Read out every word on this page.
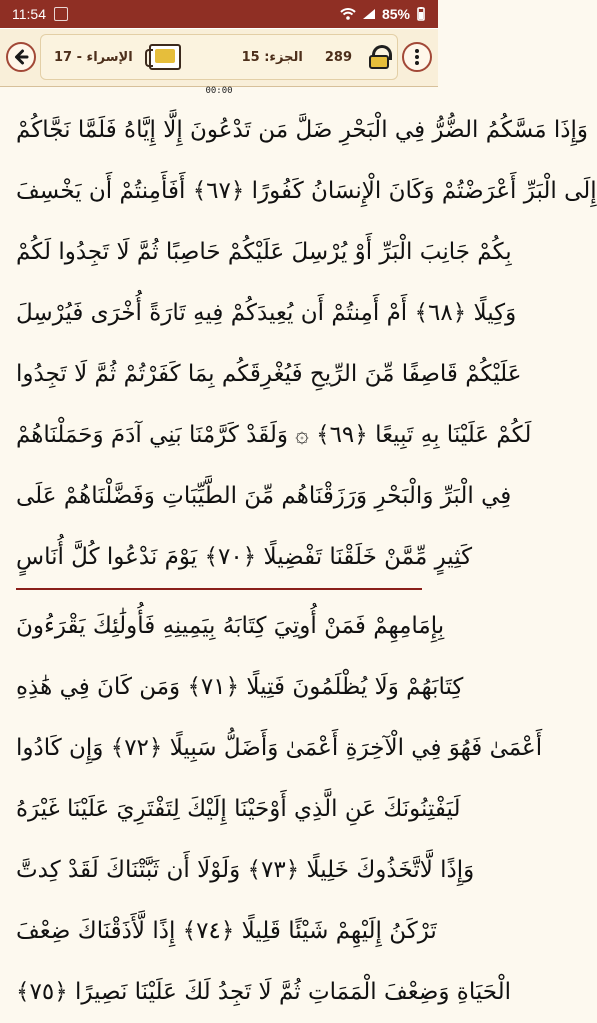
11:54	85%
17 - الإسراء	الجزء: 15	289
00:00
وَإِذَا مَسَّكُمُ الضُّرُّ فِي الْبَحْرِ ضَلَّ مَن تَدْعُونَ إِلَّا إِيَّاهُ فَلَمَّا نَجَّاكُمْ
إِلَى الْبَرِّ أَعْرَضْتُمْ وَكَانَ الْإِنسَانُ كَفُورًا ﴿٦٧﴾ أَفَأَمِنتُمْ أَن يَخْسِفَ
بِكُمْ جَانِبَ الْبَرِّ أَوْ يُرْسِلَ عَلَيْكُمْ حَاصِبًا ثُمَّ لَا تَجِدُوا لَكُمْ
وَكِيلًا ﴿٦٨﴾ أَمْ أَمِنتُمْ أَن يُعِيدَكُمْ فِيهِ تَارَةً أُخْرَى فَيُرْسِلَ
عَلَيْكُمْ قَاصِفًا مِّنَ الرِّيحِ فَيُغْرِقَكُم بِمَا كَفَرْتُمْ ثُمَّ لَا تَجِدُوا
لَكُمْ عَلَيْنَا بِهِ تَبِيعًا ﴿٦٩﴾ ۞ وَلَقَدْ كَرَّمْنَا بَنِي آدَمَ وَحَمَلْنَاهُمْ
فِي الْبَرِّ وَالْبَحْرِ وَرَزَقْنَاهُم مِّنَ الطَّيِّبَاتِ وَفَضَّلْنَاهُمْ عَلَى
كَثِيرٍ مِّمَّنْ خَلَقْنَا تَفْضِيلًا ﴿٧٠﴾ يَوْمَ نَدْعُوا كُلَّ أُنَاسٍ
بِإِمَامِهِمْ فَمَنْ أُوتِيَ كِتَابَهُ بِيَمِينِهِ فَأُولَٰئِكَ يَقْرَءُونَ
كِتَابَهُمْ وَلَا يُظْلَمُونَ فَتِيلًا ﴿٧١﴾ وَمَن كَانَ فِي هَٰذِهِ
أَعْمَىٰ فَهُوَ فِي الْآخِرَةِ أَعْمَىٰ وَأَضَلُّ سَبِيلًا ﴿٧٢﴾ وَإِن كَادُوا
لَيَفْتِنُونَكَ عَنِ الَّذِي أَوْحَيْنَا إِلَيْكَ لِتَفْتَرِيَ عَلَيْنَا غَيْرَهُ
وَإِذًا لَّاتَّخَذُوكَ خَلِيلًا ﴿٧٣﴾ وَلَوْلَا أَن ثَبَّتْنَاكَ لَقَدْ كِدتَّ
تَرْكَنُ إِلَيْهِمْ شَيْئًا قَلِيلًا ﴿٧٤﴾ إِذًا لَّأَذَقْنَاكَ ضِعْفَ
الْحَيَاةِ وَضِعْفَ الْمَمَاتِ ثُمَّ لَا تَجِدُ لَكَ عَلَيْنَا نَصِيرًا ﴿٧٥﴾
